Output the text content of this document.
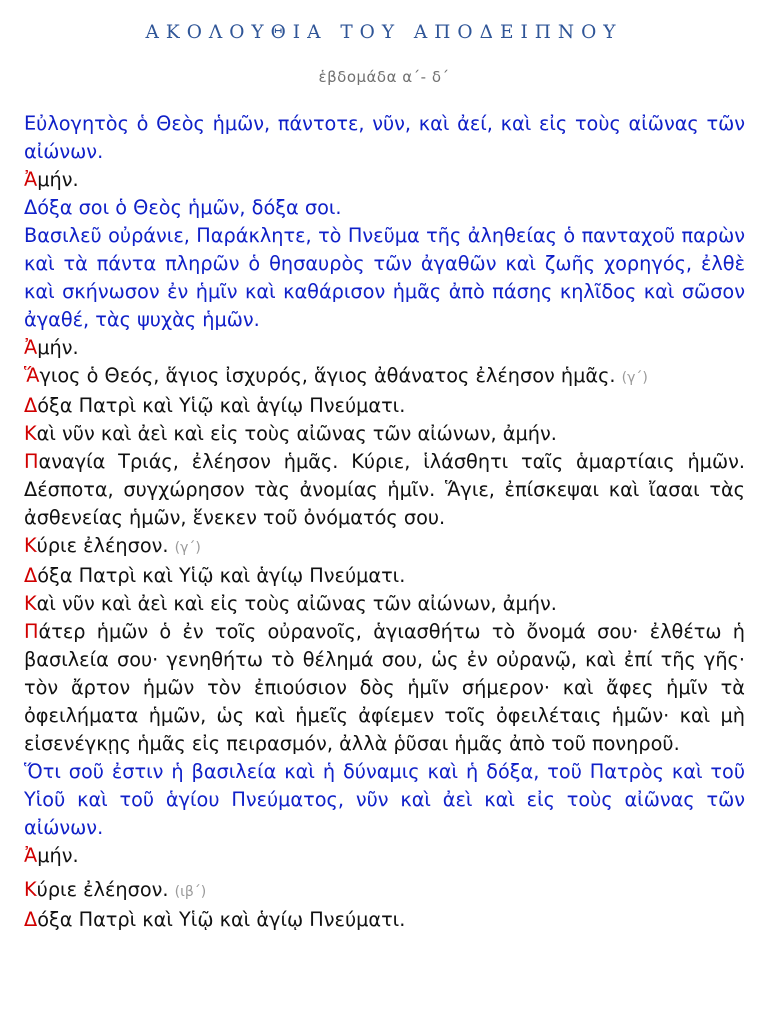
ΑΚΟΛΟΥΘΙΑ ΤΟΥ ΑΠΟΔΕΙΠΝΟΥ
ἑβδομάδα α΄- δ΄

Εὐλογητὸς ὁ Θεὸς ἡμῶν, πάντοτε, νῦν, καὶ ἀεί, καὶ εἰς τοὺς αἰῶνας τῶν αἰώνων.

Ἀμήν.

Δόξα σοι ὁ Θεὸς ἡμῶν, δόξα σοι.

Βασιλεῦ οὐράνιε, Παράκλητε, τὸ Πνεῦμα τῆς ἀληθείας ὁ πανταχοῦ παρὼν καὶ τὰ πάντα πληρῶν ὁ θησαυρὸς τῶν ἀγαθῶν καὶ ζωῆς χορηγός, ἐλθὲ καὶ σκήνωσον ἐν ἡμῖν καὶ καθάρισον ἡμᾶς ἀπὸ πάσης κηλῖδος καὶ σῶσον ἀγαθέ, τὰς ψυχὰς ἡμῶν.

Ἀμήν.

Ἅγιος ὁ Θεός, ἅγιος ἰσχυρός, ἅγιος ἀθάνατος ἐλέησον ἡμᾶς. (γ΄)

Δόξα Πατρὶ καὶ Υἱῷ καὶ ἁγίῳ Πνεύματι.

Καὶ νῦν καὶ ἀεὶ καὶ εἰς τοὺς αἰῶνας τῶν αἰώνων, ἀμήν.

Παναγία Τριάς, ἐλέησον ἡμᾶς. Κύριε, ἱλάσθητι ταῖς ἁμαρτίαις ἡμῶν. Δέσποτα, συγχώρησον τὰς ἀνομίας ἡμῖν. Ἅγιε, ἐπίσκεψαι καὶ ἴασαι τὰς ἀσθενείας ἡμῶν, ἕνεκεν τοῦ ὀνόματός σου.

Κύριε ἐλέησον. (γ΄)

Δόξα Πατρὶ καὶ Υἱῷ καὶ ἁγίῳ Πνεύματι.

Καὶ νῦν καὶ ἀεὶ καὶ εἰς τοὺς αἰῶνας τῶν αἰώνων, ἀμήν.

Πάτερ ἡμῶν ὁ ἐν τοῖς οὐρανοῖς, ἁγιασθήτω τὸ ὄνομά σου· ἐλθέτω ἡ βασιλεία σου· γενηθήτω τὸ θέλημά σου, ὡς ἐν οὐρανῷ, καὶ ἐπί τῆς γῆς· τὸν ἄρτον ἡμῶν τὸν ἐπιούσιον δὸς ἡμῖν σήμερον· καὶ ἄφες ἡμῖν τὰ ὀφειλήματα ἡμῶν, ὡς καὶ ἡμεῖς ἀφίεμεν τοῖς ὀφειλέταις ἡμῶν· καὶ μὴ εἰσενέγκῃς ἡμᾶς εἰς πειρασμόν, ἀλλὰ ῥῦσαι ἡμᾶς ἀπὸ τοῦ πονηροῦ.

Ὅτι σοῦ ἐστιν ἡ βασιλεία καὶ ἡ δύναμις καὶ ἡ δόξα, τοῦ Πατρὸς καὶ τοῦ Υἱοῦ καὶ τοῦ ἁγίου Πνεύματος, νῦν καὶ ἀεὶ καὶ εἰς τοὺς αἰῶνας τῶν αἰώνων.

Ἀμήν.

Κύριε ἐλέησον. (ιβ΄)

Δόξα Πατρὶ καὶ Υἱῷ καὶ ἁγίῳ Πνεύματι.
